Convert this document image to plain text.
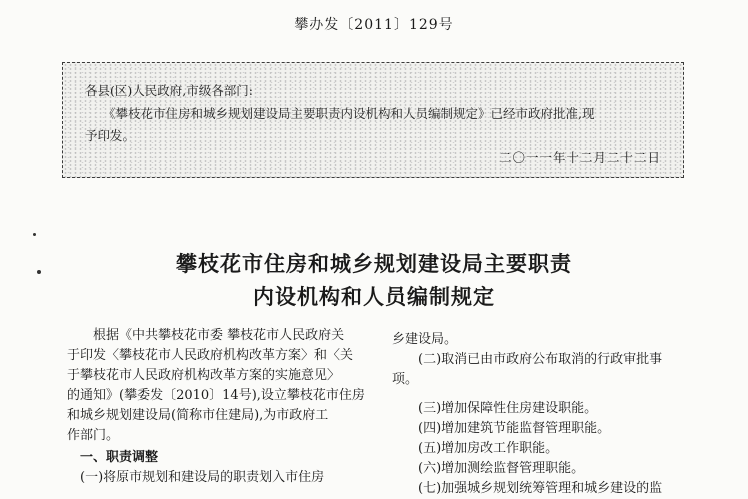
攀办发〔2011〕129号
各县(区)人民政府,市级各部门:
《攀枝花市住房和城乡规划建设局主要职责内设机构和人员编制规定》已经市政府批准,现
予印发。
二〇一一年十二月二十二日
攀枝花市住房和城乡规划建设局主要职责
内设机构和人员编制规定
根据《中共攀枝花市委 攀枝花市人民政府关
于印发〈攀枝花市人民政府机构改革方案〉和〈关
于攀枝花市人民政府机构改革方案的实施意见〉
的通知》(攀委发〔2010〕14号),设立攀枝花市住房
和城乡规划建设局(简称市住建局),为市政府工
作部门。
一、职责调整
(一)将原市规划和建设局的职责划入市住房
乡建设局。
(二)取消已由市政府公布取消的行政审批事
项。
(三)增加保障性住房建设职能。
(四)增加建筑节能监督管理职能。
(五)增加房改工作职能。
(六)增加测绘监督管理职能。
(七)加强城乡规划统筹管理和城乡建设的监
